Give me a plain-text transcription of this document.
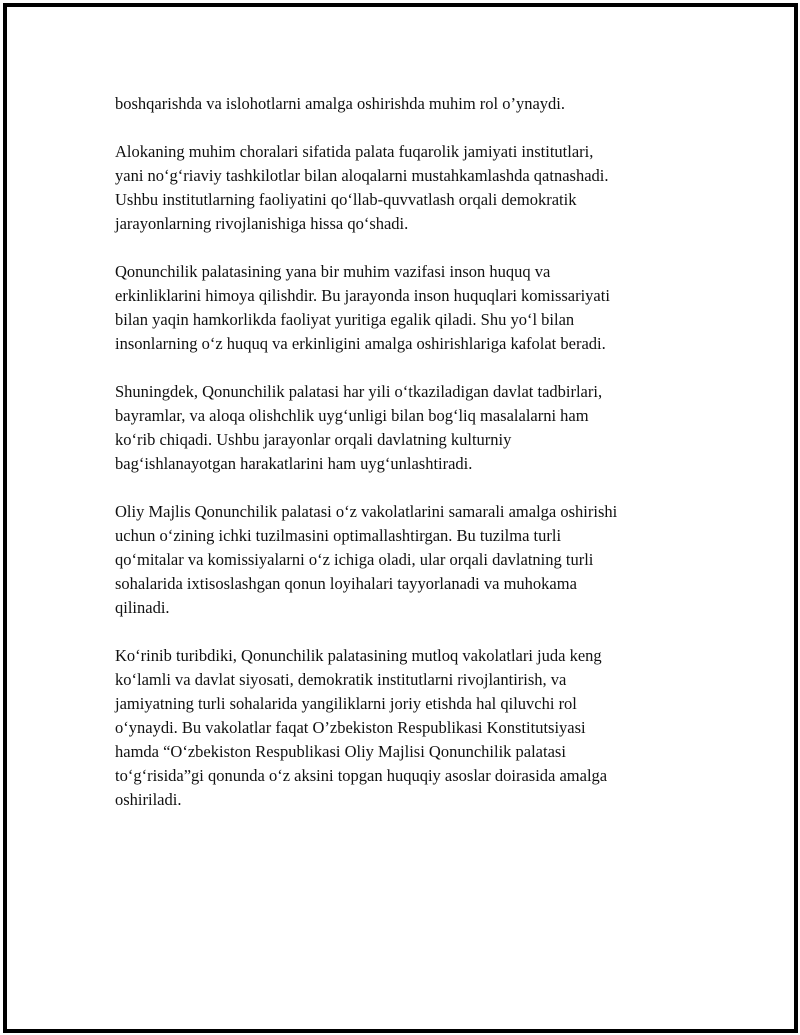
boshqarishda va islohotlarni amalga oshirishda muhim rol o’ynaydi.

Alokaning muhim choralari sifatida palata fuqarolik jamiyati institutlari,
yani no‘g‘riaviy tashkilotlar bilan aloqalarni mustahkamlashda qatnashadi.
Ushbu institutlarning faoliyatini qo‘llab-quvvatlash orqali demokratik
jarayonlarning rivojlanishiga hissa qo‘shadi.

Qonunchilik palatasining yana bir muhim vazifasi inson huquq va
erkinliklarini himoya qilishdir. Bu jarayonda inson huquqlari komissariyati
bilan yaqin hamkorlikda faoliyat yuritiga egalik qiladi. Shu yo‘l bilan
insonlarning o‘z huquq va erkinligini amalga oshirishlariga kafolat beradi.

Shuningdek, Qonunchilik palatasi har yili o‘tkaziladigan davlat tadbirlari,
bayramlar, va aloqa olishchlik uyg‘unligi bilan bog‘liq masalalarni ham
ko‘rib chiqadi. Ushbu jarayonlar orqali davlatning kulturniy
bag‘ishlanayotgan harakatlarini ham uyg‘unlashtiradi.

Oliy Majlis Qonunchilik palatasi o‘z vakolatlarini samarali amalga oshirishi
uchun o‘zining ichki tuzilmasini optimallashtirgan. Bu tuzilma turli
qo‘mitalar va komissiyalarni o‘z ichiga oladi, ular orqali davlatning turli
sohalarida ixtisoslashgan qonun loyihalari tayyorlanadi va muhokama
qilinadi.

Ko‘rinib turibdiki, Qonunchilik palatasining mutloq vakolatlari juda keng
ko‘lamli va davlat siyosati, demokratik institutlarni rivojlantirish, va
jamiyatning turli sohalarida yangiliklarni joriy etishda hal qiluvchi rol
o‘ynaydi. Bu vakolatlar faqat O’zbekiston Respublikasi Konstitutsiyasi
hamda “O‘zbekiston Respublikasi Oliy Majlisi Qonunchilik palatasi
to‘g‘risida”gi qonunda o‘z aksini topgan huquqiy asoslar doirasida amalga
oshiriladi.
